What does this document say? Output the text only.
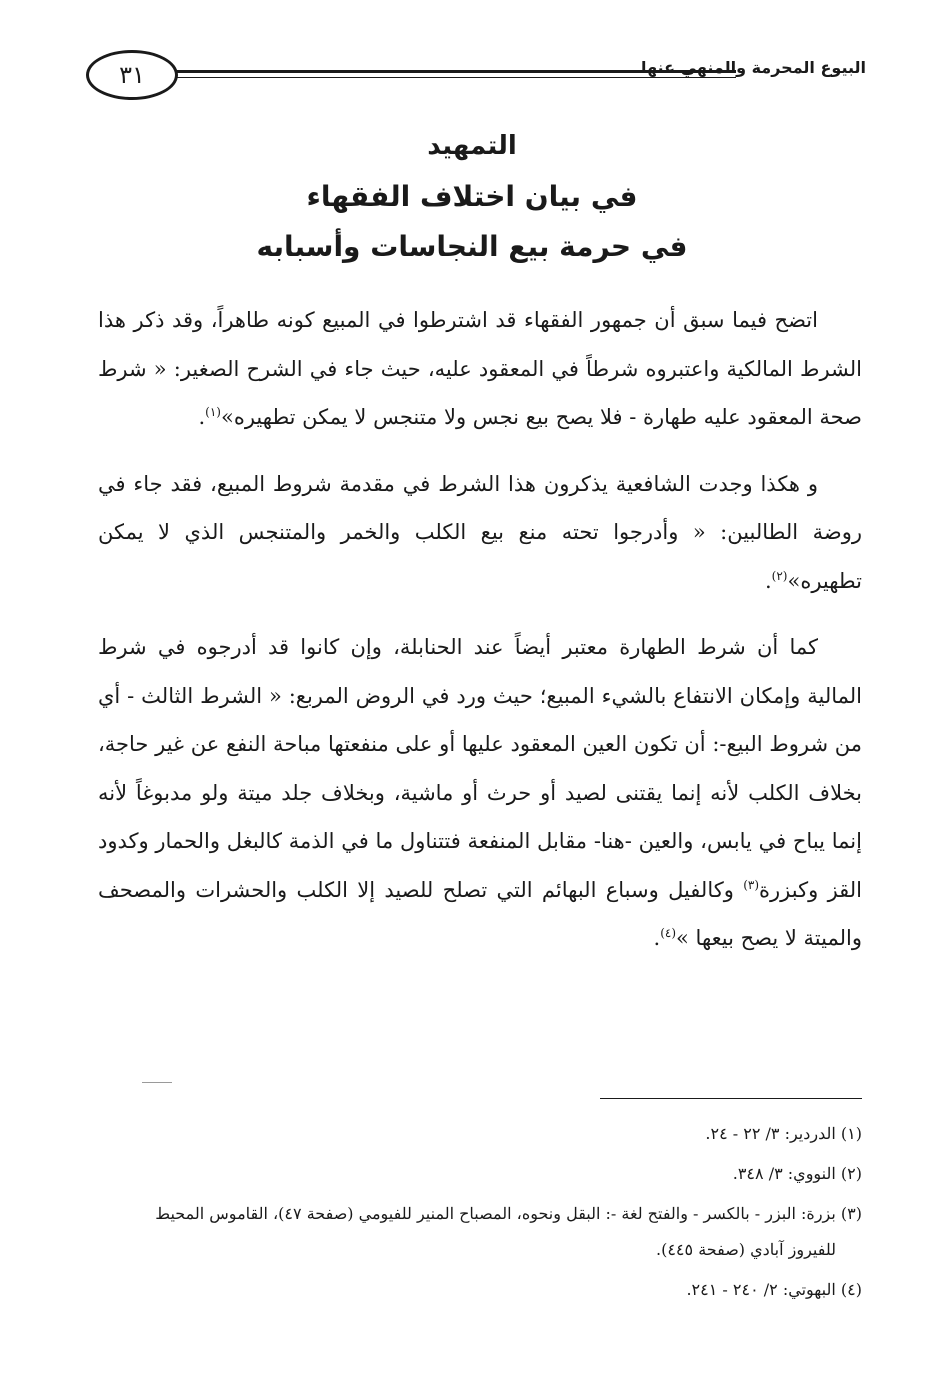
٣١	البيوع المحرمة والمنهي عنها
التمهيد
في بيان اختلاف الفقهاء
في حرمة بيع النجاسات وأسبابه

اتضح فيما سبق أن جمهور الفقهاء قد اشترطوا في المبيع كونه طاهراً، وقد ذكر هذا الشرط المالكية واعتبروه شرطاً في المعقود عليه، حيث جاء في الشرح الصغير: « شرط صحة المعقود عليه طهارة - فلا يصح بيع نجس ولا متنجس لا يمكن تطهيره»$^{(١)}$.

و هكذا وجدت الشافعية يذكرون هذا الشرط في مقدمة شروط المبيع، فقد جاء في روضة الطالبين: « وأدرجوا تحته منع بيع الكلب والخمر والمتنجس الذي لا يمكن تطهيره»$^{(٢)}$.

كما أن شرط الطهارة معتبر أيضاً عند الحنابلة، وإن كانوا قد أدرجوه في شرط المالية وإمكان الانتفاع بالشيء المبيع؛ حيث ورد في الروض المربع: « الشرط الثالث - أي من شروط البيع-: أن تكون العين المعقود عليها أو على منفعتها مباحة النفع عن غير حاجة، بخلاف الكلب لأنه إنما يقتنى لصيد أو حرث أو ماشية، وبخلاف جلد ميتة ولو مدبوغاً لأنه إنما يباح في يابس، والعين -هنا- مقابل المنفعة فتتناول ما في الذمة كالبغل والحمار وكدود القز وكبزرة$^{(٣)}$ وكالفيل وسباع البهائم التي تصلح للصيد إلا الكلب والحشرات والمصحف والميتة لا يصح بيعها »$^{(٤)}$.

(١) الدردير: ٣/ ٢٢ - ٢٤.
(٢) النووي: ٣/ ٣٤٨.
(٣) بزرة: البزر - بالكسر - والفتح لغة -: البقل ونحوه، المصباح المنير للفيومي (صفحة ٤٧)، القاموس المحيط
للفيروز آبادي (صفحة ٤٤٥).
(٤) البهوتي: ٢/ ٢٤٠ - ٢٤١.
